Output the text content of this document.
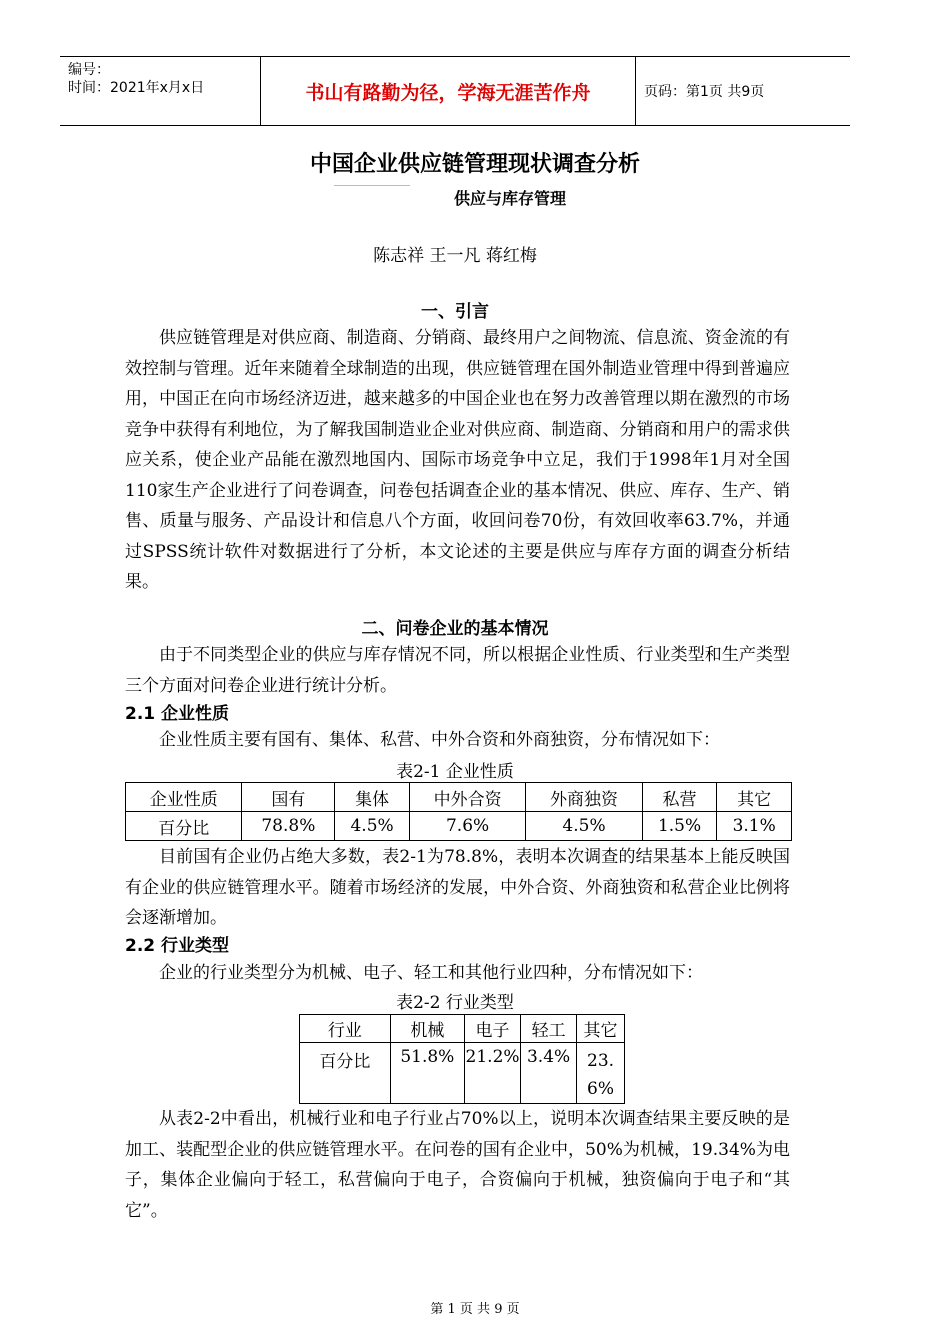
编号：
时间：2021年x月x日	书山有路勤为径，学海无涯苦作舟	页码：第1页 共9页
中国企业供应链管理现状调查分析
供应与库存管理
陈志祥 王一凡 蒋红梅
一、引言

供应链管理是对供应商、制造商、分销商、最终用户之间物流、信息流、资金流的有效控制与管理。近年来随着全球制造的出现，供应链管理在国外制造业管理中得到普遍应用，中国正在向市场经济迈进，越来越多的中国企业也在努力改善管理以期在激烈的市场竞争中获得有利地位，为了解我国制造业企业对供应商、制造商、分销商和用户的需求供应关系，使企业产品能在激烈地国内、国际市场竞争中立足，我们于1998年1月对全国110家生产企业进行了问卷调查，问卷包括调查企业的基本情况、供应、库存、生产、销售、质量与服务、产品设计和信息八个方面，收回问卷70份，有效回收率63.7%，并通过SPSS统计软件对数据进行了分析，本文论述的主要是供应与库存方面的调查分析结果。

二、问卷企业的基本情况

由于不同类型企业的供应与库存情况不同，所以根据企业性质、行业类型和生产类型三个方面对问卷企业进行统计分析。

2.1 企业性质

企业性质主要有国有、集体、私营、中外合资和外商独资，分布情况如下：

表2-1 企业性质
企业性质	国有	集体	中外合资	外商独资	私营	其它
百分比	78.8%	4.5%	7.6%	4.5%	1.5%	3.1%

目前国有企业仍占绝大多数，表2-1为78.8%，表明本次调查的结果基本上能反映国有企业的供应链管理水平。随着市场经济的发展，中外合资、外商独资和私营企业比例将会逐渐增加。

2.2 行业类型

企业的行业类型分为机械、电子、轻工和其他行业四种，分布情况如下：

表2-2 行业类型
行业	机械	电子	轻工	其它
百分比	51.8%	21.2%	3.4%	23.6%

从表2-2中看出，机械行业和电子行业占70%以上，说明本次调查结果主要反映的是加工、装配型企业的供应链管理水平。在问卷的国有企业中，50%为机械，19.34%为电子，集体企业偏向于轻工，私营偏向于电子，合资偏向于机械，独资偏向于电子和“其它”。

第 1 页 共 9 页
